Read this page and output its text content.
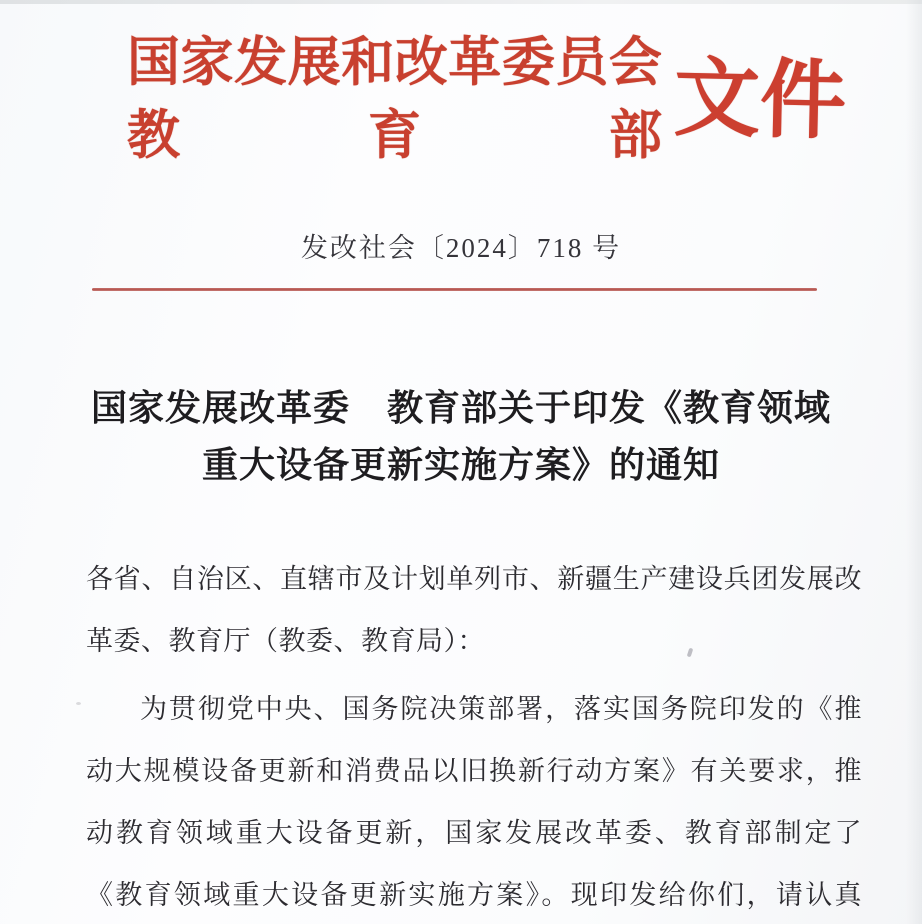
国 家 发 展 和 改 革 委 员 会
教	育	部 文件
发改社会〔2024〕718 号
国家发展改革委　教育部关于印发《教育领域
重大设备更新实施方案》的通知
各省、自治区、直辖市及计划单列市、新疆生产建设兵团发展改
革委、教育厅（教委、教育局）：
为贯彻党中央、国务院决策部署，落实国务院印发的《推
动大规模设备更新和消费品以旧换新行动方案》有关要求，推
动教育领域重大设备更新，国家发展改革委、教育部制定了
《教育领域重大设备更新实施方案》。现印发给你们，请认真
